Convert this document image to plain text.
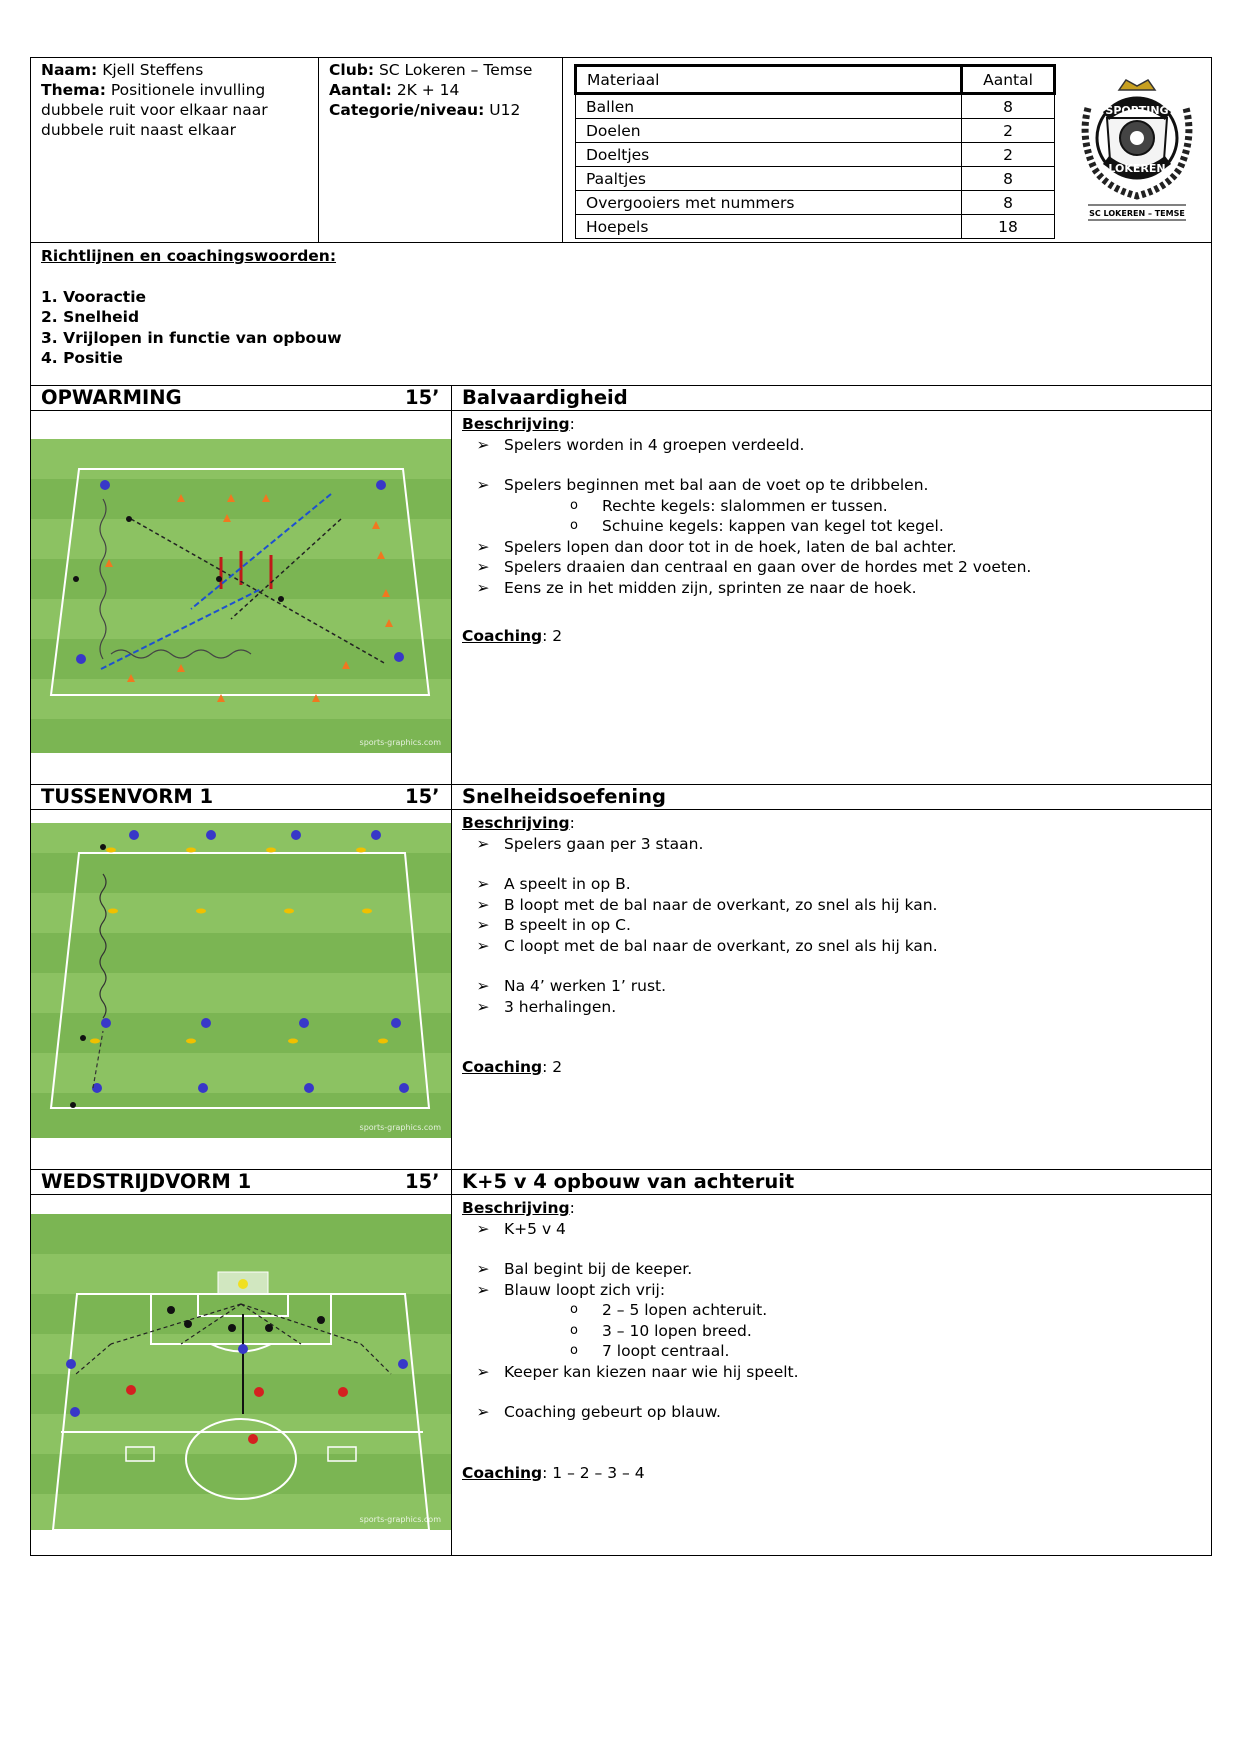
Naam: Kjell Steffens
Thema: Positionele invulling dubbele ruit voor elkaar naar dubbele ruit naast elkaar
Club: SC Lokeren – Temse
Aantal: 2K + 14
Categorie/niveau: U12
Materiaal	Aantal
Ballen	8
Doelen	2
Doeltjes	2
Paaltjes	8
Overgooiers met nummers	8
Hoepels	18
SPORTING
LOKEREN
SC LOKEREN – TEMSE
Richtlijnen en coachingswoorden:
1. Vooractie
2. Snelheid
3. Vrijlopen in functie van opbouw
4. Positie
OPWARMING	15’	Balvaardigheid
sports-graphics.com
Beschrijving:
➢ Spelers worden in 4 groepen verdeeld.
➢ Spelers beginnen met bal aan de voet op te dribbelen.
o	Rechte kegels: slalommen er tussen.
o	Schuine kegels: kappen van kegel tot kegel.
➢ Spelers lopen dan door tot in de hoek, laten de bal achter.
➢ Spelers draaien dan centraal en gaan over de hordes met 2 voeten.
➢ Eens ze in het midden zijn, sprinten ze naar de hoek.
Coaching: 2
TUSSENVORM 1	15’	Snelheidsoefening
sports-graphics.com
Beschrijving:
➢ Spelers gaan per 3 staan.
➢ A speelt in op B.
➢ B loopt met de bal naar de overkant, zo snel als hij kan.
➢ B speelt in op C.
➢ C loopt met de bal naar de overkant, zo snel als hij kan.
➢ Na 4’ werken 1’ rust.
➢ 3 herhalingen.
Coaching: 2
WEDSTRIJDVORM 1	15’	K+5 v 4 opbouw van achteruit
sports-graphics.com
Beschrijving:
➢ K+5 v 4
➢ Bal begint bij de keeper.
➢ Blauw loopt zich vrij:
o	2 – 5 lopen achteruit.
o	3 – 10 lopen breed.
o	7 loopt centraal.
➢ Keeper kan kiezen naar wie hij speelt.
➢ Coaching gebeurt op blauw.
Coaching: 1 – 2 – 3 – 4
